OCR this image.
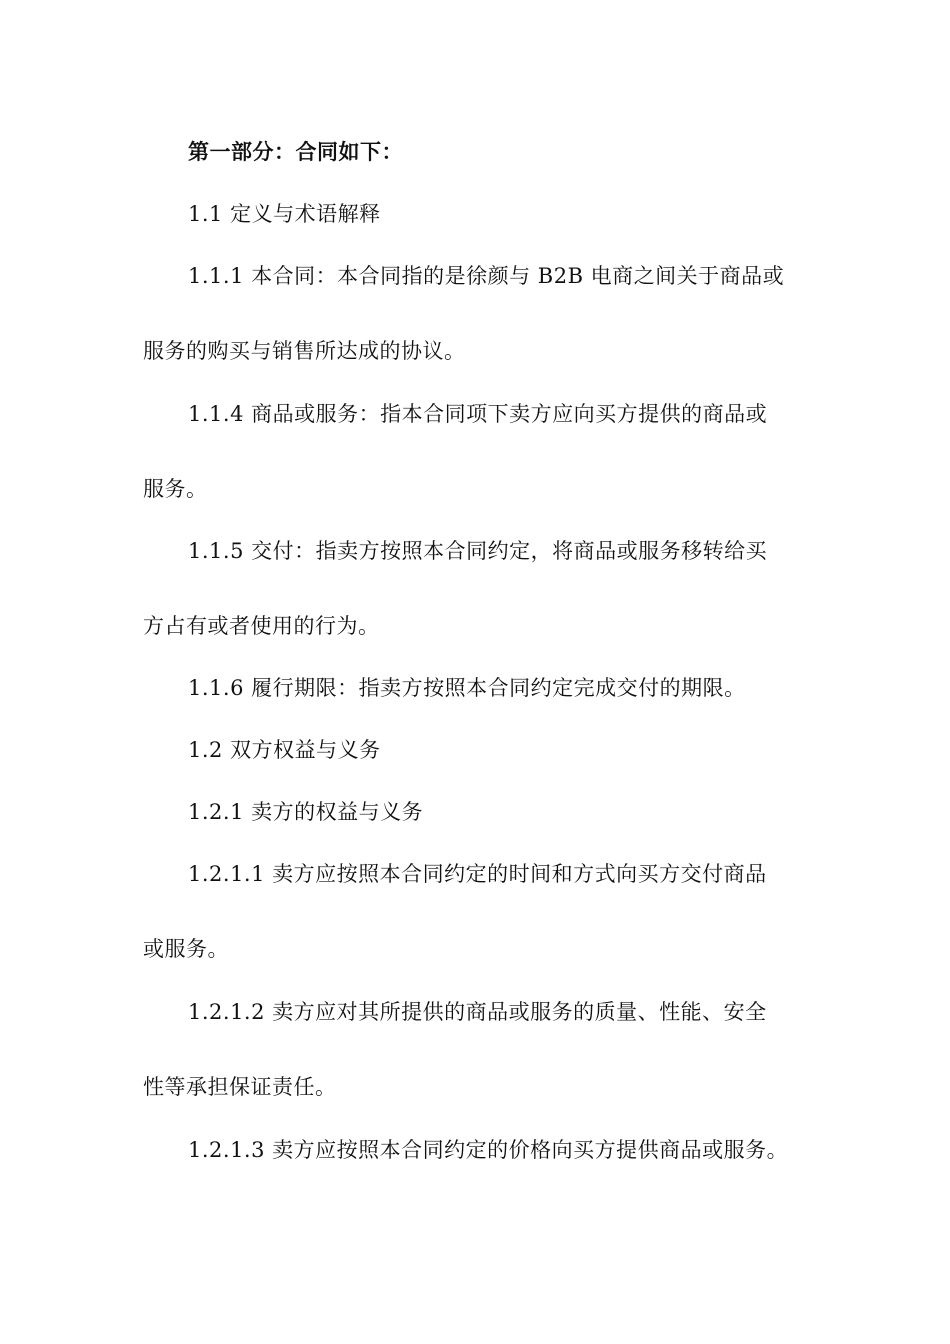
第一部分：合同如下：
1.1 定义与术语解释
1.1.1 本合同：本合同指的是徐颜与 B2B 电商之间关于商品或
服务的购买与销售所达成的协议。
1.1.4 商品或服务：指本合同项下卖方应向买方提供的商品或
服务。
1.1.5 交付：指卖方按照本合同约定，将商品或服务移转给买
方占有或者使用的行为。
1.1.6 履行期限：指卖方按照本合同约定完成交付的期限。
1.2 双方权益与义务
1.2.1 卖方的权益与义务
1.2.1.1 卖方应按照本合同约定的时间和方式向买方交付商品
或服务。
1.2.1.2 卖方应对其所提供的商品或服务的质量、性能、安全
性等承担保证责任。
1.2.1.3 卖方应按照本合同约定的价格向买方提供商品或服务。
